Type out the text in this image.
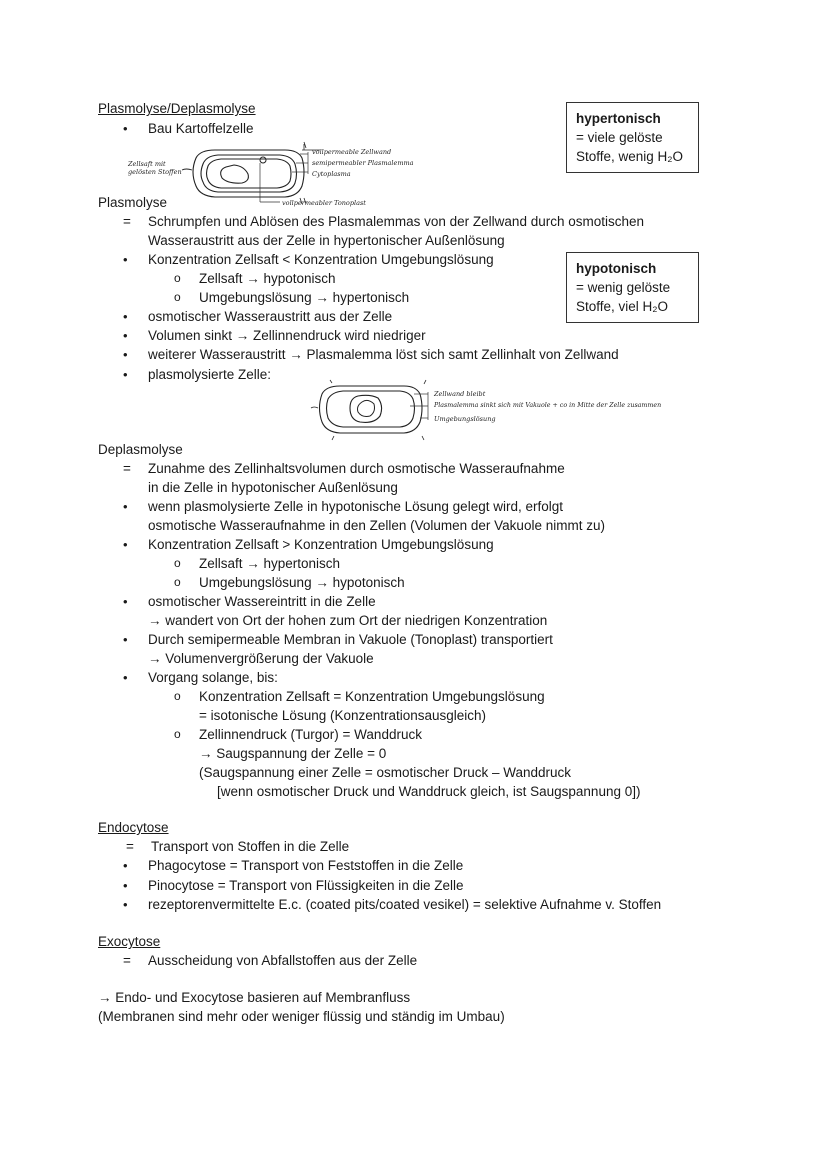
Plasmolyse/Deplasmolyse
hypertonisch
= viele gelöste
Stoffe, wenig H₂O
• Bau Kartoffelzelle
Zellsaft mit
gelösten Stoffen
vollpermeable Zellwand
semipermeabler Plasmalemma
Cytoplasma
vollpermeabler Tonoplast
Plasmolyse
= Schrumpfen und Ablösen des Plasmalemmas von der Zellwand durch osmotischen
Wasseraustritt aus der Zelle in hypertonischer Außenlösung
• Konzentration Zellsaft < Konzentration Umgebungslösung
o Zellsaft → hypotonisch
o Umgebungslösung → hypertonisch
hypotonisch
= wenig gelöste
Stoffe, viel H₂O
• osmotischer Wasseraustritt aus der Zelle
• Volumen sinkt → Zellinnendruck wird niedriger
• weiterer Wasseraustritt → Plasmalemma löst sich samt Zellinhalt von Zellwand
• plasmolysierte Zelle:
Zellwand bleibt
Plasmalemma sinkt sich mit Vakuole + co in Mitte der Zelle zusammen
Umgebungslösung
Deplasmolyse
= Zunahme des Zellinhaltsvolumen durch osmotische Wasseraufnahme
in die Zelle in hypotonischer Außenlösung
• wenn plasmolysierte Zelle in hypotonische Lösung gelegt wird, erfolgt
osmotische Wasseraufnahme in den Zellen (Volumen der Vakuole nimmt zu)
• Konzentration Zellsaft > Konzentration Umgebungslösung
o Zellsaft → hypertonisch
o Umgebungslösung → hypotonisch
• osmotischer Wassereintritt in die Zelle
→ wandert von Ort der hohen zum Ort der niedrigen Konzentration
• Durch semipermeable Membran in Vakuole (Tonoplast) transportiert
→ Volumenvergrößerung der Vakuole
• Vorgang solange, bis:
o Konzentration Zellsaft = Konzentration Umgebungslösung
= isotonische Lösung (Konzentrationsausgleich)
o Zellinnendruck (Turgor) = Wanddruck
→ Saugspannung der Zelle = 0
(Saugspannung einer Zelle = osmotischer Druck – Wanddruck
[wenn osmotischer Druck und Wanddruck gleich, ist Saugspannung 0])
Endocytose
= Transport von Stoffen in die Zelle
• Phagocytose = Transport von Feststoffen in die Zelle
• Pinocytose = Transport von Flüssigkeiten in die Zelle
• rezeptorenvermittelte E.c. (coated pits/coated vesikel) = selektive Aufnahme v. Stoffen
Exocytose
= Ausscheidung von Abfallstoffen aus der Zelle
→ Endo- und Exocytose basieren auf Membranfluss
(Membranen sind mehr oder weniger flüssig und ständig im Umbau)
